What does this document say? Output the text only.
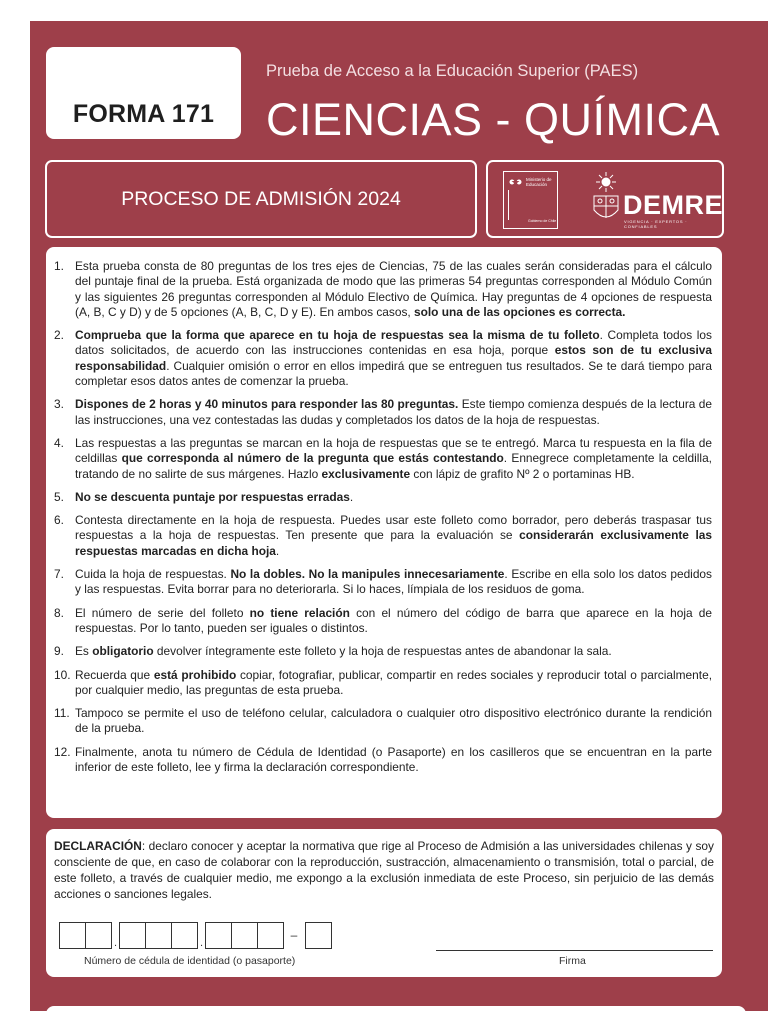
FORMA 171
Prueba de Acceso a la Educación Superior (PAES)
CIENCIAS - QUÍMICA
PROCESO DE ADMISIÓN 2024
Ministerio de Educación
Gobierno de Chile
DEMRE
VIGENCIA · EXPERTOS · CONFIABLES
1. Esta prueba consta de 80 preguntas de los tres ejes de Ciencias, 75 de las cuales serán consideradas para el cálculo del puntaje final de la prueba. Está organizada de modo que las primeras 54 preguntas corresponden al Módulo Común y las siguientes 26 preguntas corresponden al Módulo Electivo de Química. Hay preguntas de 4 opciones de respuesta (A, B, C y D) y de 5 opciones (A, B, C, D y E). En ambos casos, solo una de las opciones es correcta.
2. Comprueba que la forma que aparece en tu hoja de respuestas sea la misma de tu folleto. Completa todos los datos solicitados, de acuerdo con las instrucciones contenidas en esa hoja, porque estos son de tu exclusiva responsabilidad. Cualquier omisión o error en ellos impedirá que se entreguen tus resultados. Se te dará tiempo para completar esos datos antes de comenzar la prueba.
3. Dispones de 2 horas y 40 minutos para responder las 80 preguntas. Este tiempo comienza después de la lectura de las instrucciones, una vez contestadas las dudas y completados los datos de la hoja de respuestas.
4. Las respuestas a las preguntas se marcan en la hoja de respuestas que se te entregó. Marca tu respuesta en la fila de celdillas que corresponda al número de la pregunta que estás contestando. Ennegrece completamente la celdilla, tratando de no salirte de sus márgenes. Hazlo exclusivamente con lápiz de grafito Nº 2 o portaminas HB.
5. No se descuenta puntaje por respuestas erradas.
6. Contesta directamente en la hoja de respuesta. Puedes usar este folleto como borrador, pero deberás traspasar tus respuestas a la hoja de respuestas. Ten presente que para la evaluación se considerarán exclusivamente las respuestas marcadas en dicha hoja.
7. Cuida la hoja de respuestas. No la dobles. No la manipules innecesariamente. Escribe en ella solo los datos pedidos y las respuestas. Evita borrar para no deteriorarla. Si lo haces, límpiala de los residuos de goma.
8. El número de serie del folleto no tiene relación con el número del código de barra que aparece en la hoja de respuestas. Por lo tanto, pueden ser iguales o distintos.
9. Es obligatorio devolver íntegramente este folleto y la hoja de respuestas antes de abandonar la sala.
10. Recuerda que está prohibido copiar, fotografiar, publicar, compartir en redes sociales y reproducir total o parcialmente, por cualquier medio, las preguntas de esta prueba.
11. Tampoco se permite el uso de teléfono celular, calculadora o cualquier otro dispositivo electrónico durante la rendición de la prueba.
12. Finalmente, anota tu número de Cédula de Identidad (o Pasaporte) en los casilleros que se encuentran en la parte inferior de este folleto, lee y firma la declaración correspondiente.
DECLARACIÓN: declaro conocer y aceptar la normativa que rige al Proceso de Admisión a las universidades chilenas y soy consciente de que, en caso de colaborar con la reproducción, sustracción, almacenamiento o transmisión, total o parcial, de este folleto, a través de cualquier medio, me expongo a la exclusión inmediata de este Proceso, sin perjuicio de las demás acciones o sanciones legales.
.	.
–
Número de cédula de identidad (o pasaporte)	Firma
